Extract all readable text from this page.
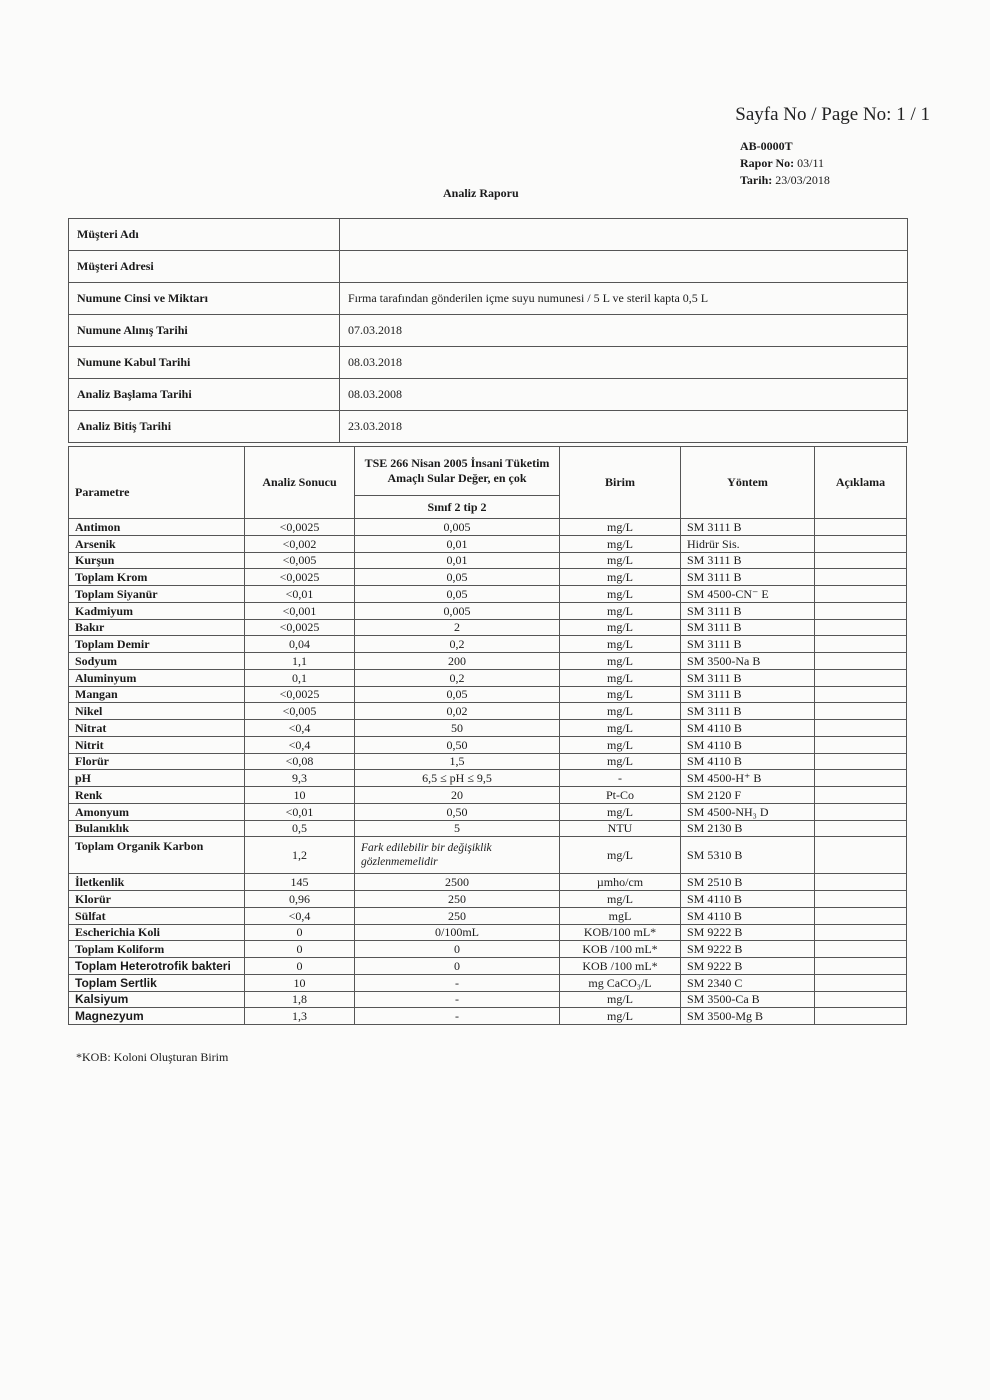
Sayfa No / Page No: 1 / 1
AB-0000T
Rapor No: 03/11
Tarih: 23/03/2018
Analiz Raporu
Müşteri Adı	
Müşteri Adresi	
Numune Cinsi ve Miktarı	Fırma tarafından gönderilen içme suyu numunesi / 5 L ve steril kapta 0,5 L
Numune Alınış Tarihi	07.03.2018
Numune Kabul Tarihi	08.03.2018
Analiz Başlama Tarihi	08.03.2008
Analiz Bitiş Tarihi	23.03.2018
Parametre	Analiz Sonucu	TSE 266 Nisan 2005 İnsani Tüketim Amaçlı Sular Değer, en çok	Birim	Yöntem	Açıklama
		Sınıf 2 tip 2			
Antimon	<0,0025	0,005	mg/L	SM 3111 B	
Arsenik	<0,002	0,01	mg/L	Hidrür Sis.	
Kurşun	<0,005	0,01	mg/L	SM 3111 B	
Toplam Krom	<0,0025	0,05	mg/L	SM 3111 B	
Toplam Siyanür	<0,01	0,05	mg/L	SM 4500-CN⁻ E	
Kadmiyum	<0,001	0,005	mg/L	SM 3111 B	
Bakır	<0,0025	2	mg/L	SM 3111 B	
Toplam Demir	0,04	0,2	mg/L	SM 3111 B	
Sodyum	1,1	200	mg/L	SM 3500-Na B	
Aluminyum	0,1	0,2	mg/L	SM 3111 B	
Mangan	<0,0025	0,05	mg/L	SM 3111 B	
Nikel	<0,005	0,02	mg/L	SM 3111 B	
Nitrat	<0,4	50	mg/L	SM 4110 B	
Nitrit	<0,4	0,50	mg/L	SM 4110 B	
Florür	<0,08	1,5	mg/L	SM 4110 B	
pH	9,3	6,5 ≤ pH ≤ 9,5	-	SM 4500-H⁺ B	
Renk	10	20	Pt-Co	SM 2120 F	
Amonyum	<0,01	0,50	mg/L	SM 4500-NH₃ D	
Bulanıklık	0,5	5	NTU	SM 2130 B	
Toplam Organik Karbon	1,2	Fark edilebilir bir değişiklik gözlenmemelidir	mg/L	SM 5310 B	
İletkenlik	145	2500	µmho/cm	SM 2510 B	
Klorür	0,96	250	mg/L	SM 4110 B	
Sülfat	<0,4	250	mgL	SM 4110 B	
Escherichia Koli	0	0/100mL	KOB/100 mL*	SM 9222 B	
Toplam Koliform	0	0	KOB /100 mL*	SM 9222 B	
Toplam Heterotrofik bakteri	0	0	KOB /100 mL*	SM 9222 B	
Toplam Sertlik	10	-	mg CaCO₃/L	SM 2340 C	
Kalsiyum	1,8	-	mg/L	SM 3500-Ca B	
Magnezyum	1,3	-	mg/L	SM 3500-Mg B	
*KOB: Koloni Oluşturan Birim
